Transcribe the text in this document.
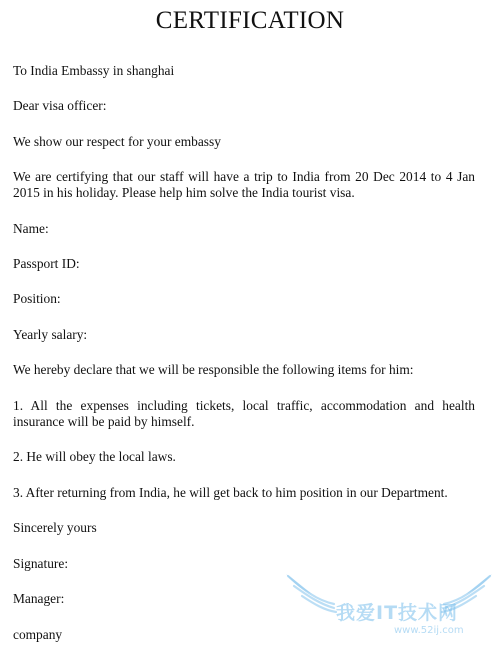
CERTIFICATION
To India Embassy in shanghai
Dear visa officer:
We show our respect for your embassy
We are certifying that our staff will have a trip to India from 20 Dec 2014 to 4 Jan 2015 in his holiday. Please help him solve the India tourist visa.
Name:
Passport ID:
Position:
Yearly salary:
We hereby declare that we will be responsible the following items for him:
1. All the expenses including tickets, local traffic, accommodation and health insurance will be paid by himself.
2. He will obey the local laws.
3. After returning from India, he will get back to him position in our Department.
Sincerely yours
Signature:
Manager:
company
我爱IT技术网
www.52ij.com
